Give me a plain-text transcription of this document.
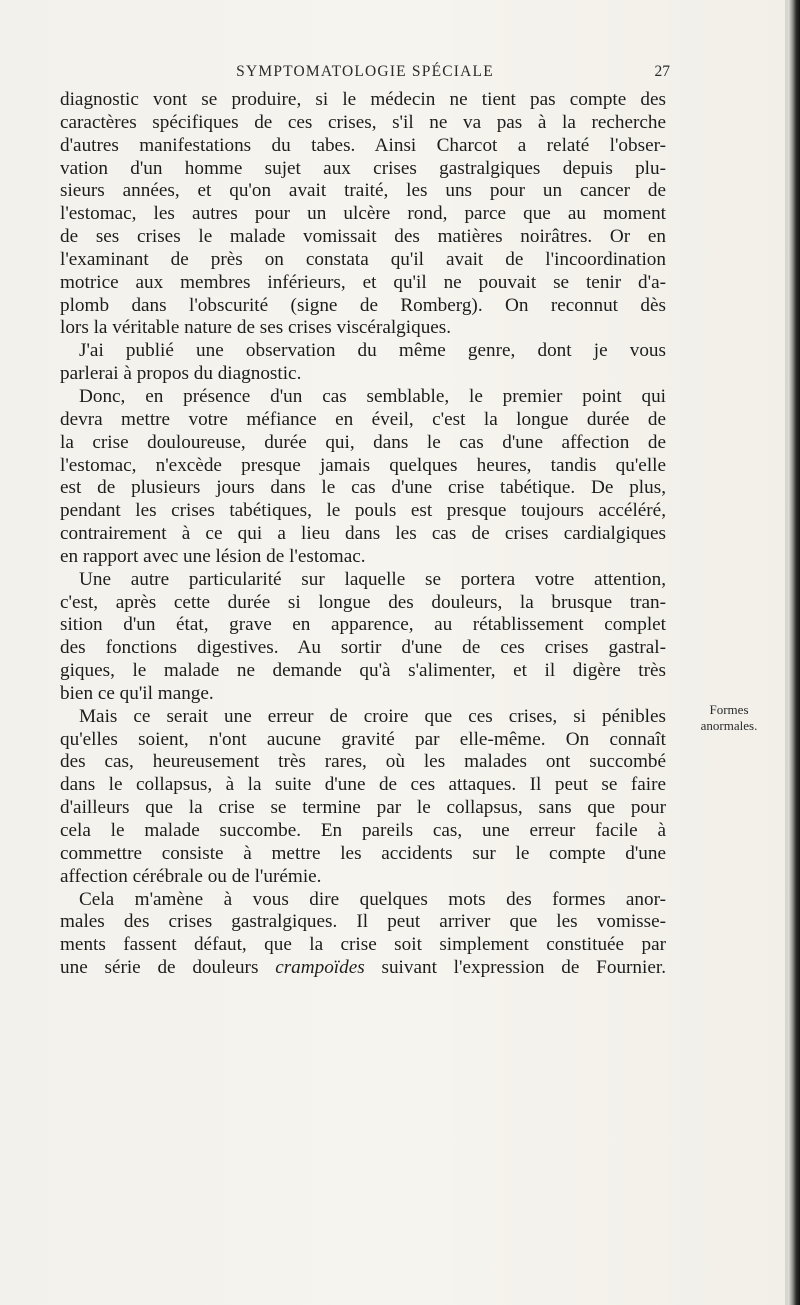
SYMPTOMATOLOGIE SPÉCIALE	27
diagnostic vont se produire, si le médecin ne tient pas compte des
caractères spécifiques de ces crises, s'il ne va pas à la recherche
d'autres manifestations du tabes. Ainsi Charcot a relaté l'obser-
vation d'un homme sujet aux crises gastralgiques depuis plu-
sieurs années, et qu'on avait traité, les uns pour un cancer de
l'estomac, les autres pour un ulcère rond, parce que au moment
de ses crises le malade vomissait des matières noirâtres. Or en
l'examinant de près on constata qu'il avait de l'incoordination
motrice aux membres inférieurs, et qu'il ne pouvait se tenir d'a-
plomb dans l'obscurité (signe de Romberg). On reconnut dès
lors la véritable nature de ses crises viscéralgiques.
J'ai publié une observation du même genre, dont je vous
parlerai à propos du diagnostic.
Donc, en présence d'un cas semblable, le premier point qui
devra mettre votre méfiance en éveil, c'est la longue durée de
la crise douloureuse, durée qui, dans le cas d'une affection de
l'estomac, n'excède presque jamais quelques heures, tandis qu'elle
est de plusieurs jours dans le cas d'une crise tabétique. De plus,
pendant les crises tabétiques, le pouls est presque toujours accéléré,
contrairement à ce qui a lieu dans les cas de crises cardialgiques
en rapport avec une lésion de l'estomac.
Une autre particularité sur laquelle se portera votre attention,
c'est, après cette durée si longue des douleurs, la brusque tran-
sition d'un état, grave en apparence, au rétablissement complet
des fonctions digestives. Au sortir d'une de ces crises gastral-
giques, le malade ne demande qu'à s'alimenter, et il digère très
bien ce qu'il mange.
Mais ce serait une erreur de croire que ces crises, si pénibles
qu'elles soient, n'ont aucune gravité par elle-même. On connaît
des cas, heureusement très rares, où les malades ont succombé
dans le collapsus, à la suite d'une de ces attaques. Il peut se faire
d'ailleurs que la crise se termine par le collapsus, sans que pour
cela le malade succombe. En pareils cas, une erreur facile à
commettre consiste à mettre les accidents sur le compte d'une
affection cérébrale ou de l'urémie.
Cela m'amène à vous dire quelques mots des formes anor-
males des crises gastralgiques. Il peut arriver que les vomisse-
ments fassent défaut, que la crise soit simplement constituée par
une série de douleurs crampoïdes suivant l'expression de Fournier.
Formes
anormales.
